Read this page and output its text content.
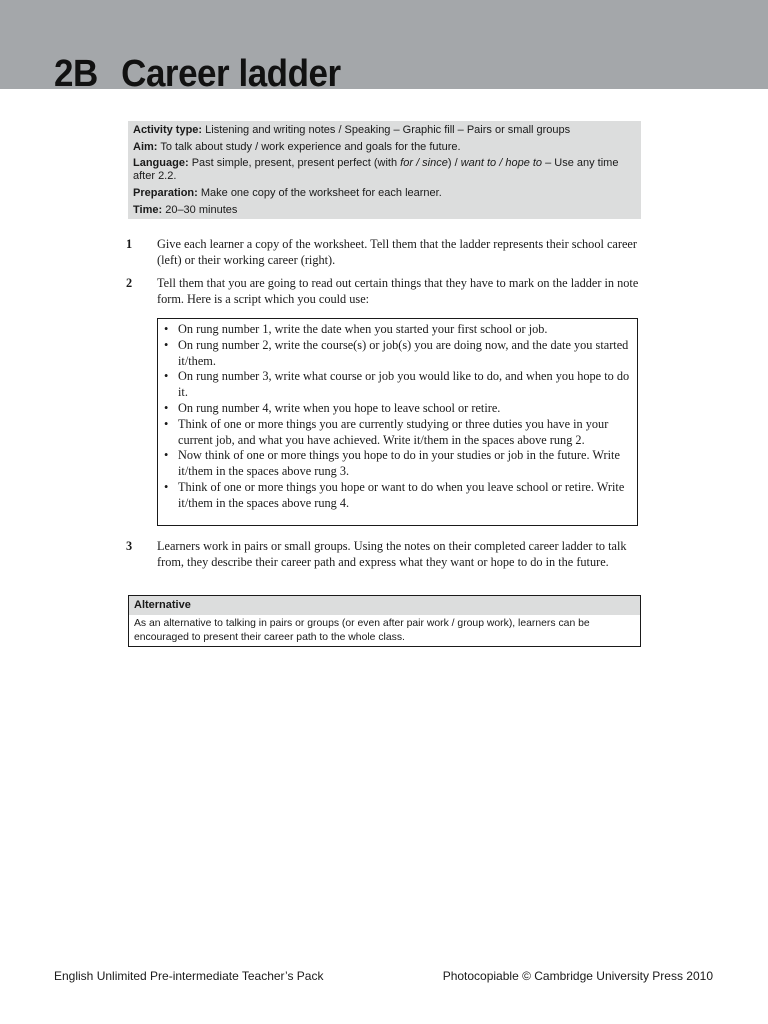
2B Career ladder
Activity type: Listening and writing notes / Speaking – Graphic fill – Pairs or small groups
Aim: To talk about study / work experience and goals for the future.
Language: Past simple, present, present perfect (with for / since) / want to / hope to – Use any time after 2.2.
Preparation: Make one copy of the worksheet for each learner.
Time: 20–30 minutes
1	Give each learner a copy of the worksheet. Tell them that the ladder represents their school career (left) or their working career (right).
2	Tell them that you are going to read out certain things that they have to mark on the ladder in note form. Here is a script which you could use:
3	Learners work in pairs or small groups. Using the notes on their completed career ladder to talk from, they describe their career path and express what they want or hope to do in the future.
• On rung number 1, write the date when you started your first school or job.
• On rung number 2, write the course(s) or job(s) you are doing now, and the date you started it/them.
• On rung number 3, write what course or job you would like to do, and when you hope to do it.
• On rung number 4, write when you hope to leave school or retire.
• Think of one or more things you are currently studying or three duties you have in your current job, and what you have achieved. Write it/them in the spaces above rung 2.
• Now think of one or more things you hope to do in your studies or job in the future. Write it/them in the spaces above rung 3.
• Think of one or more things you hope or want to do when you leave school or retire. Write it/them in the spaces above rung 4.
Alternative
As an alternative to talking in pairs or groups (or even after pair work / group work), learners can be encouraged to present their career path to the whole class.
English Unlimited Pre-intermediate Teacher’s Pack	Photocopiable © Cambridge University Press 2010
